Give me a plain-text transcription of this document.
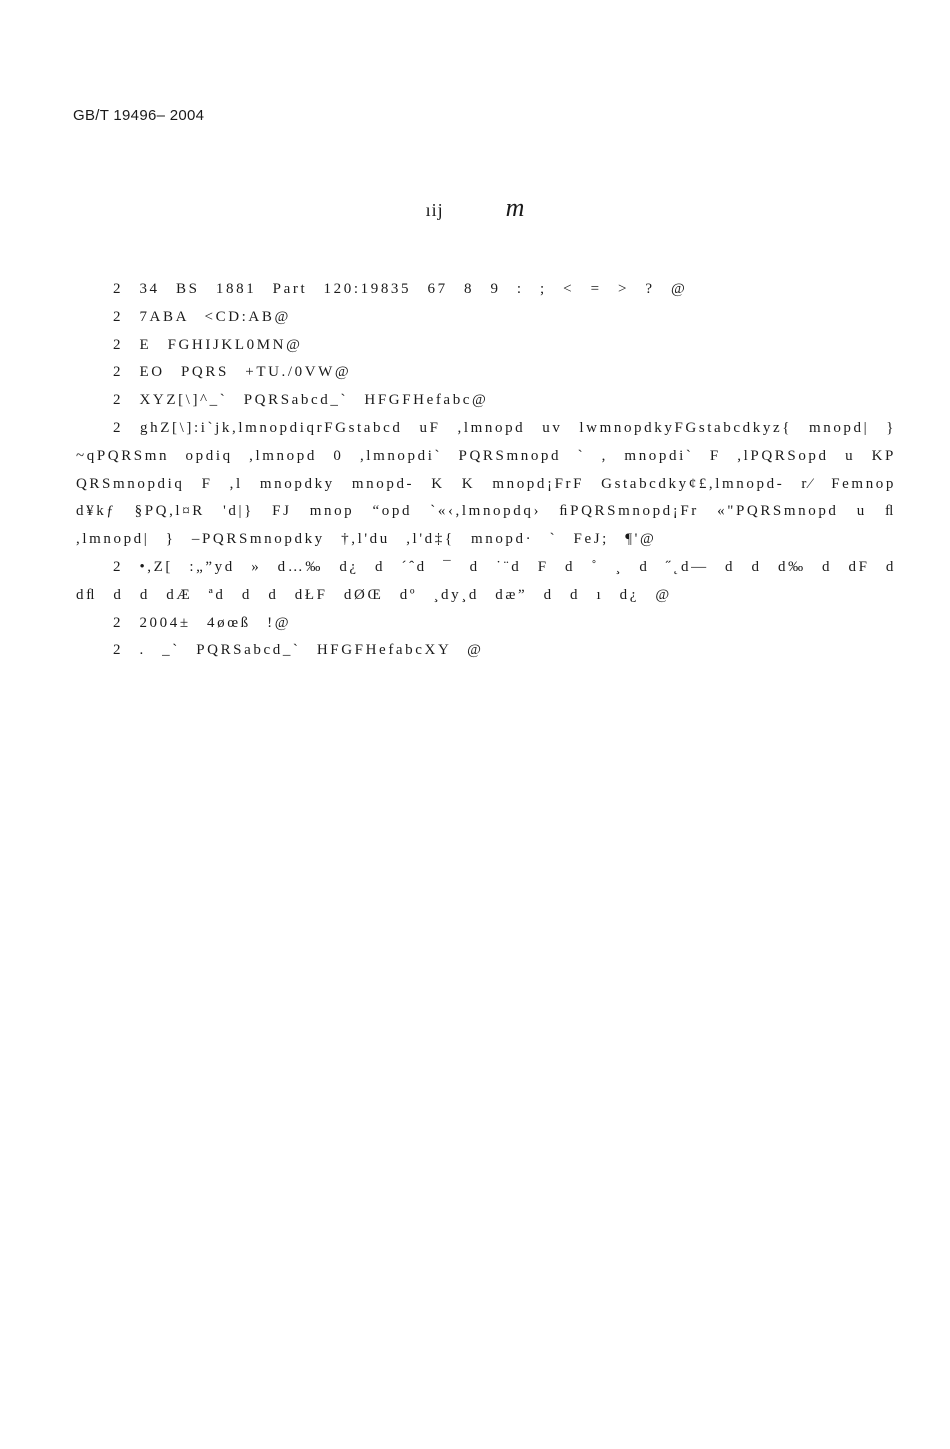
GB/T 19496– 2004
ıij m

2 34 BS 1881 Part 120:19835 67 8 9 : ; < = > ? @

2 7ABA <CD:AB@

2 E FGHIJKL0MN@

2 EO PQRS +TU./0VW@

2 XYZ[\]^_` PQRSabcd_` HFGFHefabc@

2 ghZ[\]:i`jk,lmnopdiqrFGstabcd uF ,lmnopd uv lwmnopdkyFGstabcdkyz{ mnopd| }~qPQRSmn opdiq ,lmnopd 0 ,lmnopdi` PQRSmnopd ` , mnopdi` F ,lPQRSopd u KPQRSmnopdiq F ,l mnopdky mnopd- K K mnopd¡FrF Gstabcdky¢£,lmnopd- r⁄ Femnopd¥kƒ §PQ,l¤R 'd|} FJ mnop “opd `«‹,lmnopdq› ﬁPQRSmnopd¡Fr «"PQRSmnopd u ﬂ ,lmnopd| } –PQRSmnopdky †,l'du ,l'd‡{ mnopd· ` FeJ; ¶'@

2 •,Z[ :„”yd » d…‰ d¿ d ´ˆd ¯ d ˙¨d F d ˚ ¸ d ˝˛d— d d d‰ d dF d dﬂ d d dÆ ªd d d dŁF dØŒ dº ¸dy¸d dæ” d d ı d¿ @

2 2004± 4øœß !@

2 . _` PQRSabcd_` HFGFHefabcXY @
